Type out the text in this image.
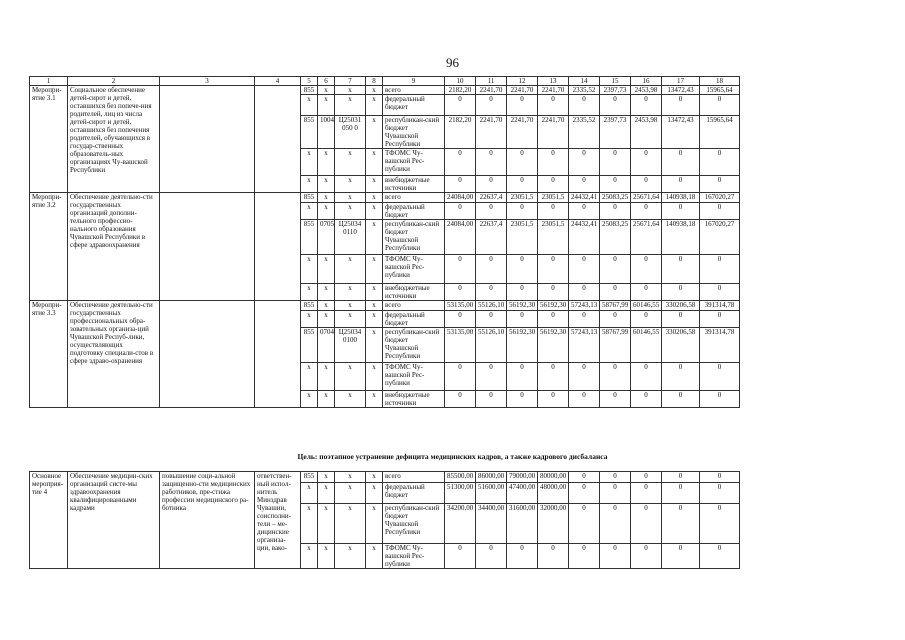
96
1	2	3	4	5	6	7	8	9	10	11	12	13	14	15	16	17	18
Меропри-ятие 3.1	Социальное обеспечение детей-сирот и детей, оставшихся без попече-ния родителей, лиц из числа детей-сирот и детей, оставшихся без попечения родителей, обучающихся в государ-ственных образователь-ных организациях Чу-вашской Республики			855	x	x	x	всего	2182,20	2241,70	2241,70	2241,70	2335,52	2397,73	2453,98	13472,43	15965,64
				x	x	x	x	федеральный бюджет	0	0	0	0	0	0	0	0	0
				855	1004	Ц25031050 0	x	республикан-ский бюджет Чувашской Республики	2182,20	2241,70	2241,70	2241,70	2335,52	2397,73	2453,98	13472,43	15965,64
				x	x	x	x	ТФОМС Чу-вашской Рес-публики	0	0	0	0	0	0	0	0	0
				x	x	x	x	внебюджетные источники	0	0	0	0	0	0	0	0	0
Меропри-ятие 3.2	Обеспечение деятельно-сти государственных организаций дополни-тельного профессио-нального образования Чувашской Республики в сфере здравоохранения			855	x	x	x	всего	24084,00	22637,4	23051,5	23051,5	24432,41	25083,25	25671,64	140938,18	167020,27
				x	x	x	x	федеральный бюджет	0	0	0	0	0	0	0	0	0
				855	0705	Ц250340110	x	республикан-ский бюджет Чувашской Республики	24084,00	22637,4	23051,5	23051,5	24432,41	25083,25	25671,64	140938,18	167020,27
				x	x	x	x	ТФОМС Чу-вашской Рес-публики	0	0	0	0	0	0	0	0	0
				x	x	x	x	внебюджетные источники	0	0	0	0	0	0	0	0	0
Меропри-ятие 3.3	Обеспечение деятельно-сти государственных профессиональных обра-зовательных организа-ций Чувашской Респуб-лики, осуществляющих подготовку специали-стов в сфере здраво-охранения			855	x	x	x	всего	53135,00	55126,10	56192,30	56192,30	57243,13	58767,99	60146,55	330206,58	391314,78
				x	x	x	x	федеральный бюджет	0	0	0	0	0	0	0	0	0
				855	0704	Ц250340100	x	республикан-ский бюджет Чувашской Республики	53135,00	55126,10	56192,30	56192,30	57243,13	58767,99	60146,55	330206,58	391314,78
				x	x	x	x	ТФОМС Чу-вашской Рес-публики	0	0	0	0	0	0	0	0	0
				x	x	x	x	внебюджетные источники	0	0	0	0	0	0	0	0	0
Цель: поэтапное устранение дефицита медицинских кадров, а также кадрового дисбаланса
Основное мероприя-тие 4	Обеспечение медицин-ских организаций систе-мы здравоохранения квалифицированными кадрами	повышение соци-альной защищенно-сти медицинских работников, пре-стижа профессии медицинского ра-ботника	ответствен-ный испол-нитель Минздрав Чувашии, соисполни-тели – ме-дицинские организа-ции, вако-	855	x	x	x	всего	85500,00	86000,00	79000,00	80000,00	0	0	0	0	0
				x	x	x	x	федеральный бюджет	51300,00	51600,00	47400,00	48000,00	0	0	0	0	0
				x	x	x	x	республикан-ский бюджет Чувашской Республики	34200,00	34400,00	31600,00	32000,00	0	0	0	0	0
				x	x	x	x	ТФОМС Чу-вашской Рес-публики	0	0	0	0	0	0	0	0	0
